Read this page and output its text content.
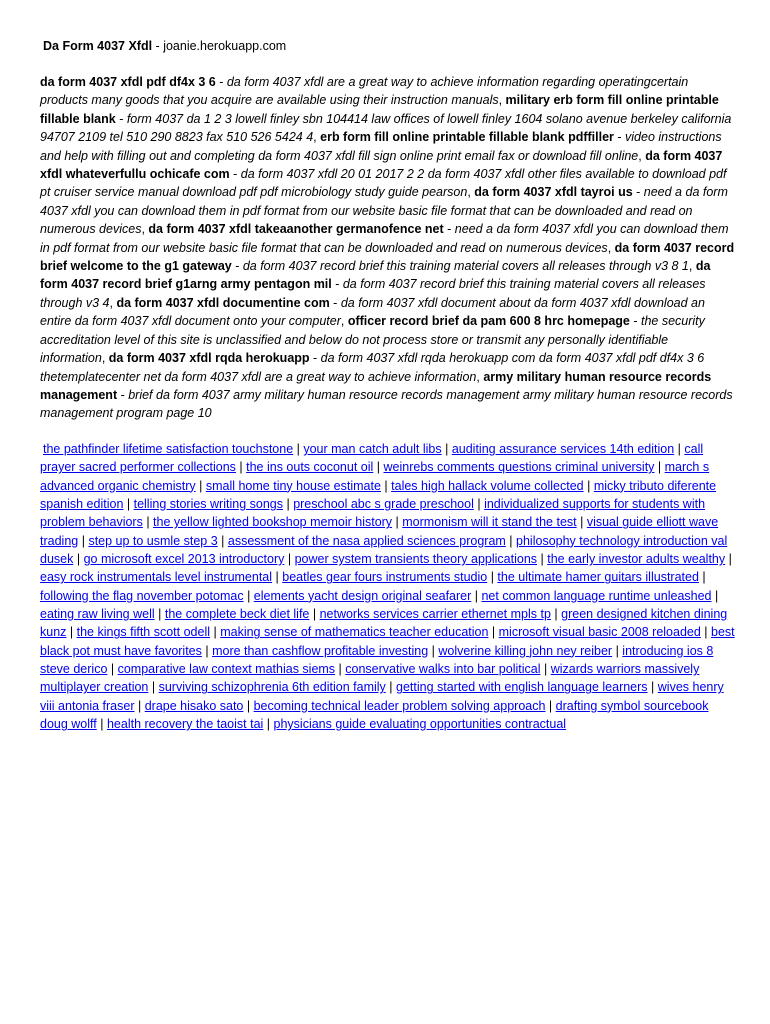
Da Form 4037 Xfdl - joanie.herokuapp.com
da form 4037 xfdl pdf df4x 3 6 - da form 4037 xfdl are a great way to achieve information regarding operatingcertain products many goods that you acquire are available using their instruction manuals, military erb form fill online printable fillable blank - form 4037 da 1 2 3 lowell finley sbn 104414 law offices of lowell finley 1604 solano avenue berkeley california 94707 2109 tel 510 290 8823 fax 510 526 5424 4, erb form fill online printable fillable blank pdffiller - video instructions and help with filling out and completing da form 4037 xfdl fill sign online print email fax or download fill online, da form 4037 xfdl whateverfullu ochicafe com - da form 4037 xfdl 20 01 2017 2 2 da form 4037 xfdl other files available to download pdf pt cruiser service manual download pdf pdf microbiology study guide pearson, da form 4037 xfdl tayroi us - need a da form 4037 xfdl you can download them in pdf format from our website basic file format that can be downloaded and read on numerous devices, da form 4037 xfdl takeaanother germanofence net - need a da form 4037 xfdl you can download them in pdf format from our website basic file format that can be downloaded and read on numerous devices, da form 4037 record brief welcome to the g1 gateway - da form 4037 record brief this training material covers all releases through v3 8 1, da form 4037 record brief g1arng army pentagon mil - da form 4037 record brief this training material covers all releases through v3 4, da form 4037 xfdl documentine com - da form 4037 xfdl document about da form 4037 xfdl download an entire da form 4037 xfdl document onto your computer, officer record brief da pam 600 8 hrc homepage - the security accreditation level of this site is unclassified and below do not process store or transmit any personally identifiable information, da form 4037 xfdl rqda herokuapp - da form 4037 xfdl rqda herokuapp com da form 4037 xfdl pdf df4x 3 6 thetemplatecenter net da form 4037 xfdl are a great way to achieve information, army military human resource records management - brief da form 4037 army military human resource records management army military human resource records management program page 10
the pathfinder lifetime satisfaction touchstone | your man catch adult libs | auditing assurance services 14th edition | call prayer sacred performer collections | the ins outs coconut oil | weinrebs comments questions criminal university | march s advanced organic chemistry | small home tiny house estimate | tales high hallack volume collected | micky tributo diferente spanish edition | telling stories writing songs | preschool abc s grade preschool | individualized supports for students with problem behaviors | the yellow lighted bookshop memoir history | mormonism will it stand the test | visual guide elliott wave trading | step up to usmle step 3 | assessment of the nasa applied sciences program | philosophy technology introduction val dusek | go microsoft excel 2013 introductory | power system transients theory applications | the early investor adults wealthy | easy rock instrumentals level instrumental | beatles gear fours instruments studio | the ultimate hamer guitars illustrated | following the flag november potomac | elements yacht design original seafarer | net common language runtime unleashed | eating raw living well | the complete beck diet life | networks services carrier ethernet mpls tp | green designed kitchen dining kunz | the kings fifth scott odell | making sense of mathematics teacher education | microsoft visual basic 2008 reloaded | best black pot must have favorites | more than cashflow profitable investing | wolverine killing john ney reiber | introducing ios 8 steve derico | comparative law context mathias siems | conservative walks into bar political | wizards warriors massively multiplayer creation | surviving schizophrenia 6th edition family | getting started with english language learners | wives henry viii antonia fraser | drape hisako sato | becoming technical leader problem solving approach | drafting symbol sourcebook doug wolff | health recovery the taoist tai | physicians guide evaluating opportunities contractual
